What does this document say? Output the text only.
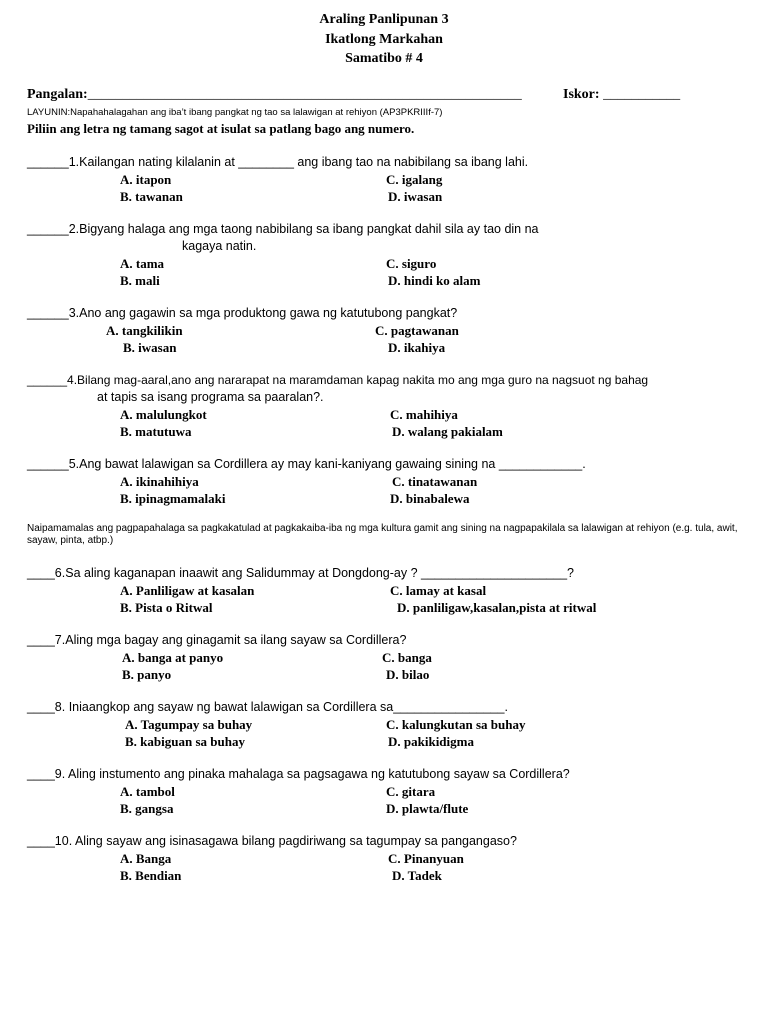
Araling Panlipunan 3
Ikatlong Markahan
Samatibo # 4
Pangalan:______________________________________________________________	Iskor: ___________
LAYUNIN:Napahahalagahan ang iba’t ibang pangkat ng tao sa lalawigan at rehiyon (AP3PKRIIIf-7)
Piliin ang letra ng tamang sagot at isulat sa patlang bago ang numero.
______1.Kailangan nating kilalanin at ________ ang ibang tao na nabibilang sa ibang lahi.
A. itapon	C. igalang
B. tawanan	D. iwasan
______2.Bigyang halaga ang mga taong nabibilang sa ibang pangkat dahil sila ay tao din na
kagaya natin.
A. tama	C. siguro
B. mali	D. hindi ko alam
______3.Ano ang gagawin sa mga produktong gawa ng katutubong pangkat?
A. tangkilikin	C. pagtawanan
B. iwasan	D. ikahiya
______4.Bilang mag-aaral,ano ang nararapat na maramdaman kapag nakita mo ang mga guro na nagsuot ng bahag
at tapis sa isang programa sa paaralan?.
A. malulungkot	C. mahihiya
B. matutuwa	D. walang pakialam
______5.Ang bawat lalawigan sa Cordillera ay may kani-kaniyang gawaing sining na ____________.
A. ikinahihiya	C. tinatawanan
B. ipinagmamalaki	D. binabalewa
Naipamamalas ang pagpapahalaga sa pagkakatulad at pagkakaiba-iba ng mga kultura gamit ang sining na nagpapakilala sa lalawigan at rehiyon (e.g. tula, awit, sayaw, pinta, atbp.)
____6.Sa aling kaganapan inaawit ang Salidummay at Dongdong-ay ? _____________________?
A. Panliligaw at kasalan	C. lamay at kasal
B. Pista o Ritwal	D. panliligaw,kasalan,pista at ritwal
____7.Aling mga bagay ang ginagamit sa ilang sayaw sa Cordillera?
A. banga at panyo	C. banga
B. panyo	D. bilao
____8. Iniaangkop ang sayaw ng bawat lalawigan sa Cordillera sa________________.
A. Tagumpay sa buhay	C. kalungkutan sa buhay
B. kabiguan sa buhay	D. pakikidigma
____9. Aling instumento ang pinaka mahalaga sa pagsagawa ng katutubong sayaw sa Cordillera?
A. tambol	C. gitara
B. gangsa	D. plawta/flute
____10. Aling sayaw ang isinasagawa bilang pagdiriwang sa tagumpay sa pangangaso?
A. Banga	C. Pinanyuan
B. Bendian	D. Tadek
